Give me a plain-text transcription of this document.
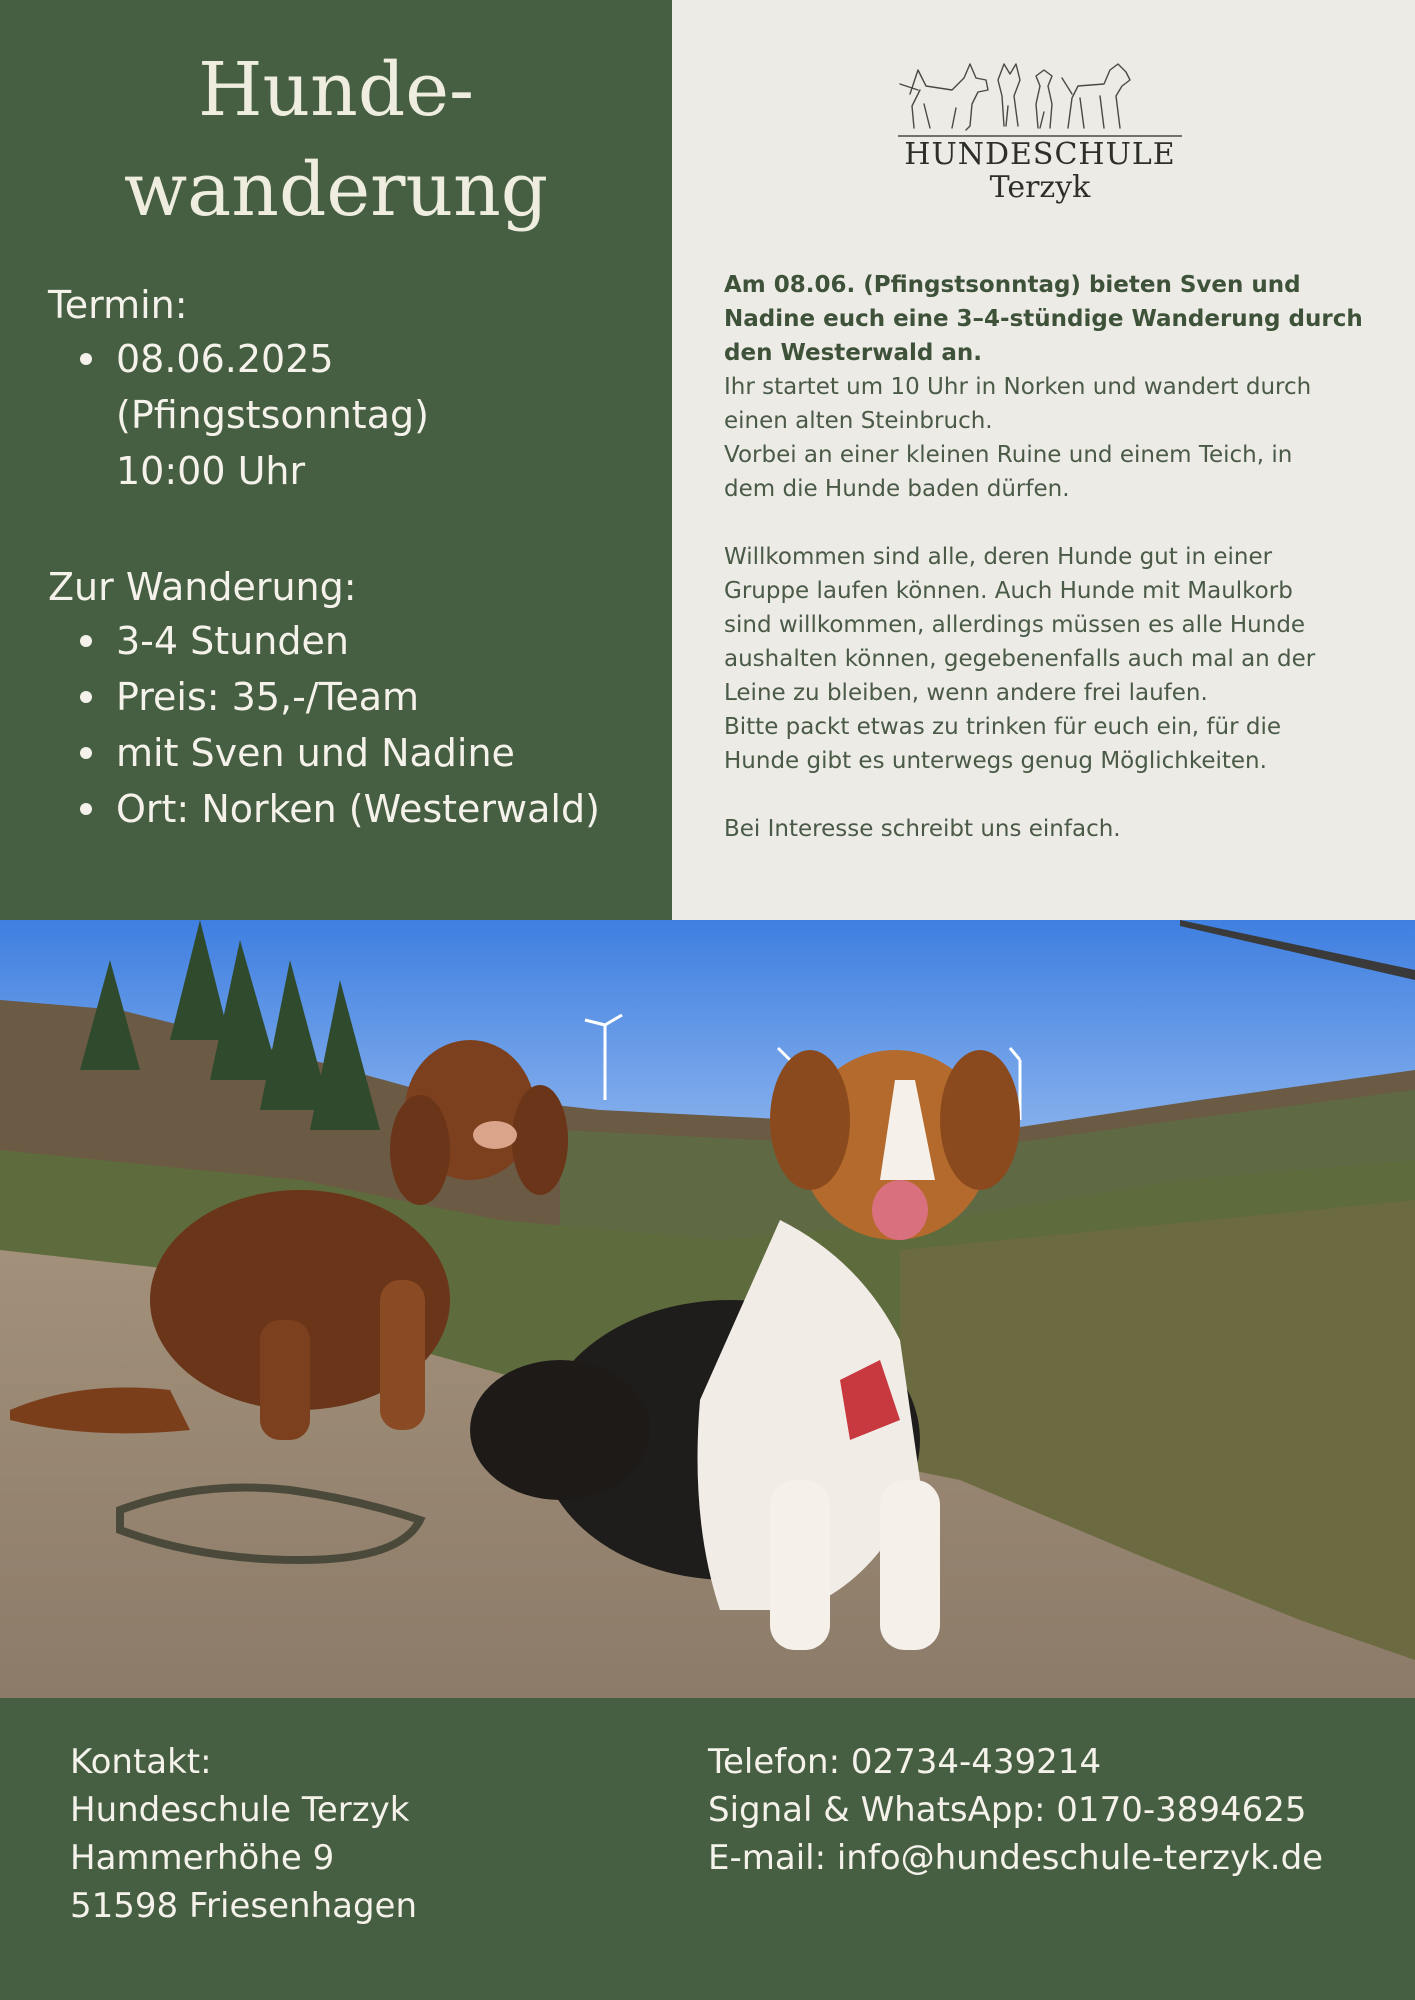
Hunde-
wanderung
Termin:
08.06.2025
(Pfingstsonntag)
10:00 Uhr
Zur Wanderung:
3-4 Stunden
Preis: 35,-/Team
mit Sven und Nadine
Ort: Norken (Westerwald)
HUNDESCHULE
Terzyk

Am 08.06. (Pfingstsonntag) bieten Sven und

Nadine euch eine 3–4-stündige Wanderung durch

den Westerwald an.

Ihr startet um 10 Uhr in Norken und wandert durch

einen alten Steinbruch.

Vorbei an einer kleinen Ruine und einem Teich, in

dem die Hunde baden dürfen.

Willkommen sind alle, deren Hunde gut in einer

Gruppe laufen können. Auch Hunde mit Maulkorb

sind willkommen, allerdings müssen es alle Hunde

aushalten können, gegebenenfalls auch mal an der

Leine zu bleiben, wenn andere frei laufen.

Bitte packt etwas zu trinken für euch ein, für die

Hunde gibt es unterwegs genug Möglichkeiten.

Bei Interesse schreibt uns einfach.

Kontakt:
Hundeschule Terzyk
Hammerhöhe 9
51598 Friesenhagen
Telefon: 02734-439214
Signal & WhatsApp: 0170-3894625
E-mail: info@hundeschule-terzyk.de
